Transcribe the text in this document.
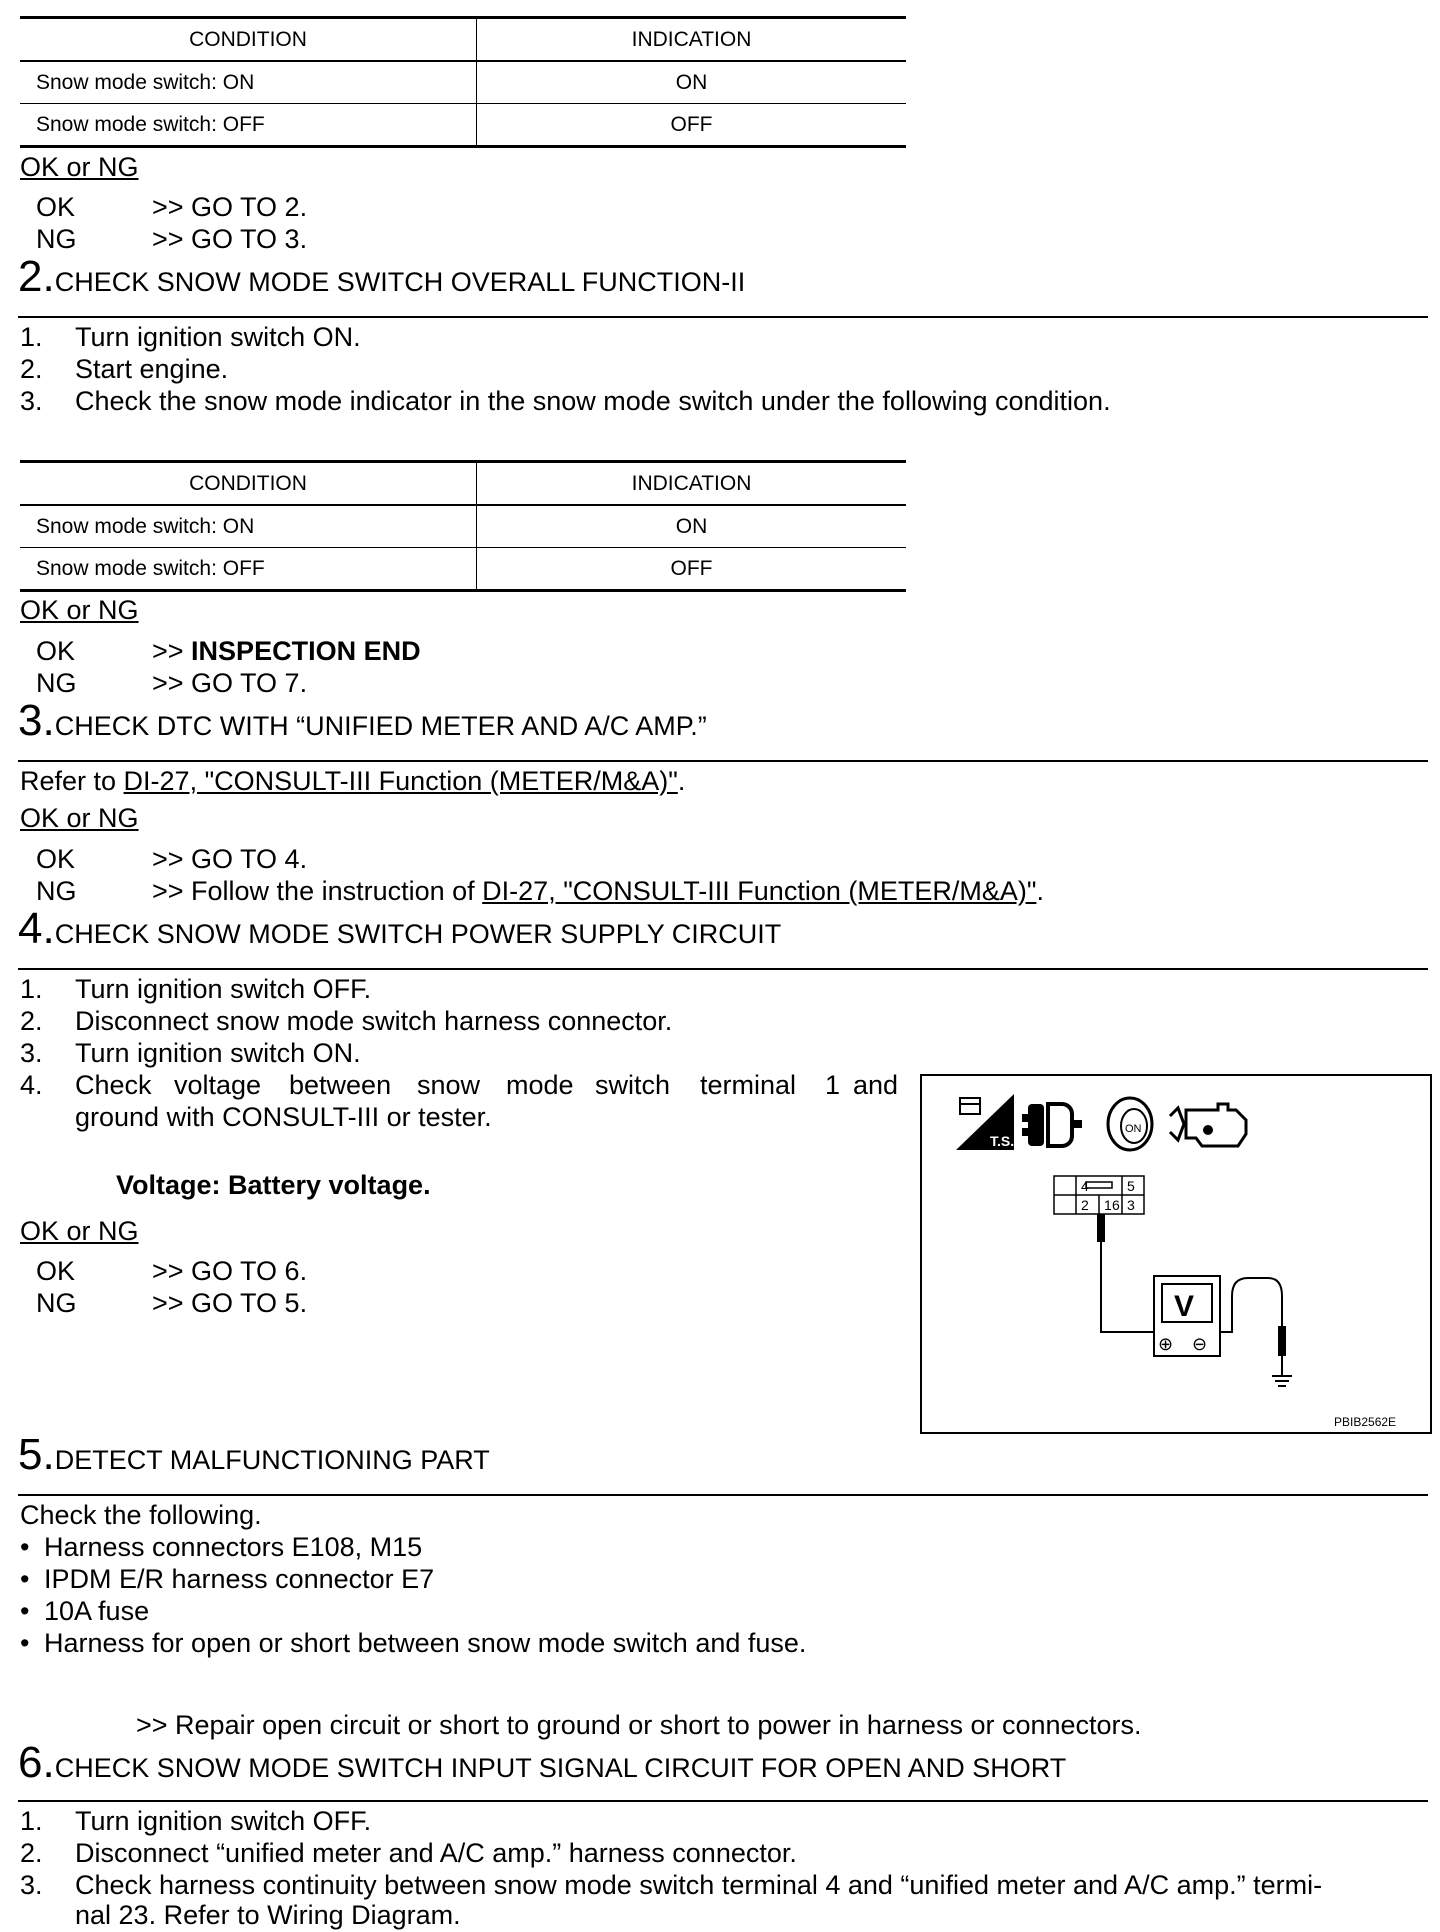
CONDITION	INDICATION
Snow mode switch: ON	ON
Snow mode switch: OFF	OFF
OK or NG
OK	>> GO TO 2.
NG	>> GO TO 3.
2.CHECK SNOW MODE SWITCH OVERALL FUNCTION-II
1. Turn ignition switch ON.
2. Start engine.
3. Check the snow mode indicator in the snow mode switch under the following condition.
CONDITION	INDICATION
Snow mode switch: ON	ON
Snow mode switch: OFF	OFF
OK or NG
OK	>> INSPECTION END
NG	>> GO TO 7.
3.CHECK DTC WITH “UNIFIED METER AND A/C AMP.”
Refer to DI-27, "CONSULT-III Function (METER/M&A)".
OK or NG
OK	>> GO TO 4.
NG	>> Follow the instruction of DI-27, "CONSULT-III Function (METER/M&A)".
4.CHECK SNOW MODE SWITCH POWER SUPPLY CIRCUIT
1. Turn ignition switch OFF.
2. Disconnect snow mode switch harness connector.
3. Turn ignition switch ON.
4. Check voltage between snow mode switch terminal 1 and
ground with CONSULT-III or tester.
Voltage: Battery voltage.
OK or NG
OK	>> GO TO 6.
NG	>> GO TO 5.
T.S.
ON
4	5
2 1 3
6
V
⊕ ⊖
PBIB2562E
5.DETECT MALFUNCTIONING PART
Check the following.
• Harness connectors E108, M15
• IPDM E/R harness connector E7
• 10A fuse
• Harness for open or short between snow mode switch and fuse.
>> Repair open circuit or short to ground or short to power in harness or connectors.
6.CHECK SNOW MODE SWITCH INPUT SIGNAL CIRCUIT FOR OPEN AND SHORT
1. Turn ignition switch OFF.
2. Disconnect “unified meter and A/C amp.” harness connector.
3. Check harness continuity between snow mode switch terminal 4 and “unified meter and A/C amp.” termi-
nal 23. Refer to Wiring Diagram.
